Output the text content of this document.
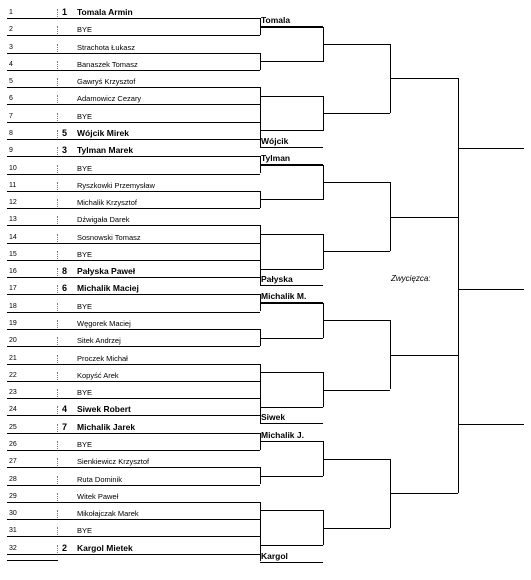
1	1 Tomala Armin
2	BYE
3	Strachota Łukasz
4	Banaszek Tomasz
5	Gawryś Krzysztof
6	Adamowicz Cezary
7	BYE
8	5 Wójcik Mirek
9	3 Tylman Marek
10	BYE
11	Ryszkowki Przemysław
12	Michalik Krzysztof
13	Dźwigała Darek
14	Sosnowski Tomasz
15	BYE
16	8 Pałyska Paweł
17	6 Michalik Maciej
18	BYE
19	Węgorek Maciej
20	Sitek Andrzej
21	Proczek Michał
22	Kopyść Arek
23	BYE
24	4 Siwek Robert
25	7 Michalik Jarek
26	BYE
27	Sienkiewicz Krzysztof
28	Ruta Dominik
29	Witek Paweł
30	Mikołajczak Marek
31	BYE
32	2 Kargol Mietek
Tomala
Wójcik
Tylman
Pałyska
Michalik M.
Siwek
Michalik J.
Kargol
Zwycięzca:
